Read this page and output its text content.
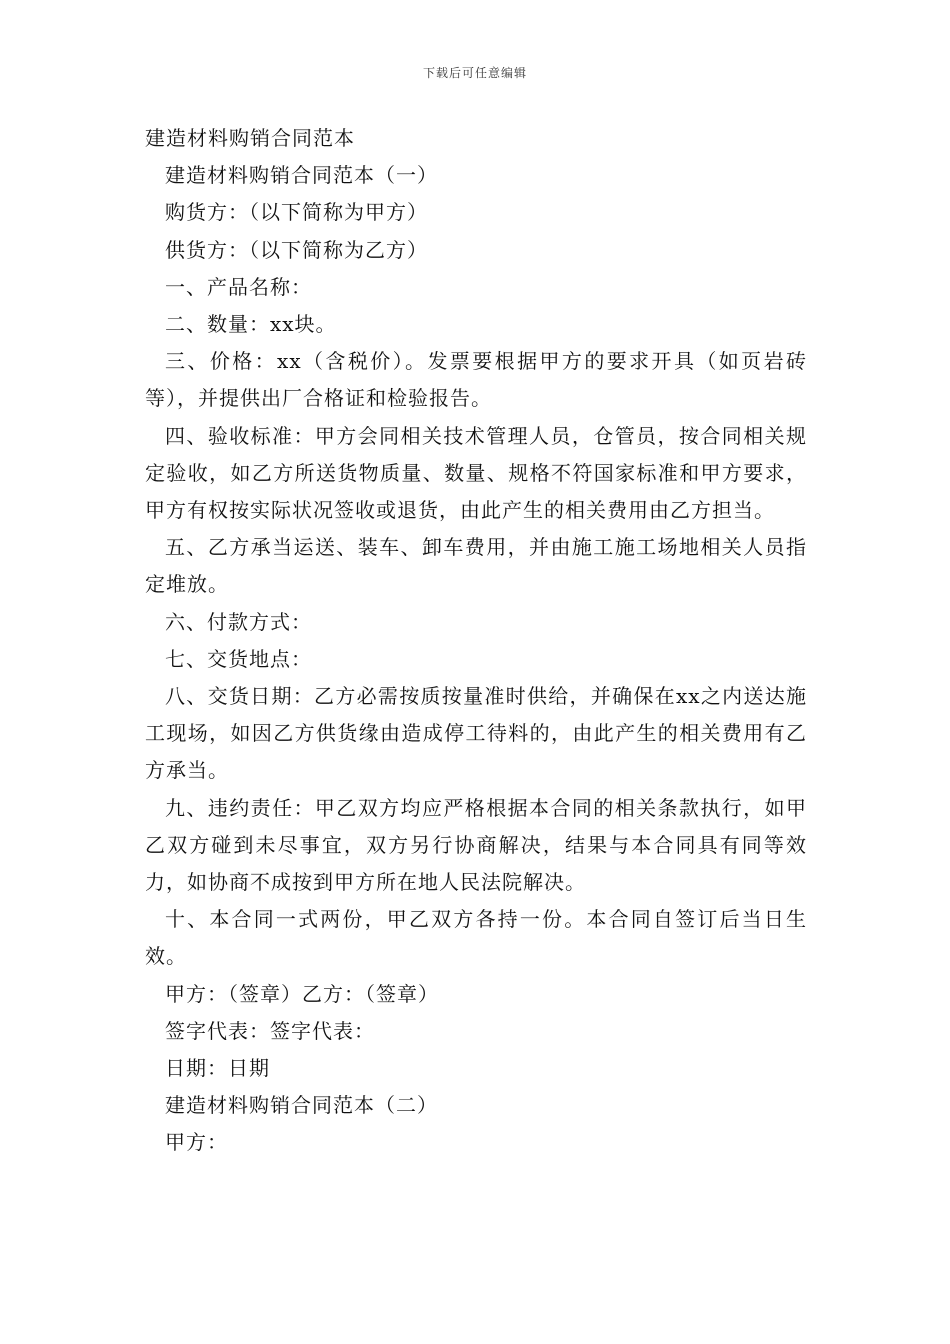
下载后可任意编辑
建造材料购销合同范本

建造材料购销合同范本（一）

购货方：（以下简称为甲方）

供货方：（以下简称为乙方）

一、产品名称：

二、数量：xx块。

三、价格：xx（含税价）。发票要根据甲方的要求开具（如页岩砖等），并提供出厂合格证和检验报告。

四、验收标准：甲方会同相关技术管理人员，仓管员，按合同相关规定验收，如乙方所送货物质量、数量、规格不符国家标准和甲方要求，甲方有权按实际状况签收或退货，由此产生的相关费用由乙方担当。

五、乙方承当运送、装车、卸车费用，并由施工施工场地相关人员指定堆放。

六、付款方式：

七、交货地点：

八、交货日期：乙方必需按质按量准时供给，并确保在xx之内送达施工现场，如因乙方供货缘由造成停工待料的，由此产生的相关费用有乙方承当。

九、违约责任：甲乙双方均应严格根据本合同的相关条款执行，如甲乙双方碰到未尽事宜，双方另行协商解决，结果与本合同具有同等效力，如协商不成按到甲方所在地人民法院解决。

十、本合同一式两份，甲乙双方各持一份。本合同自签订后当日生效。

甲方：（签章）乙方：（签章）

签字代表：签字代表：

日期：日期

建造材料购销合同范本（二）

甲方：
